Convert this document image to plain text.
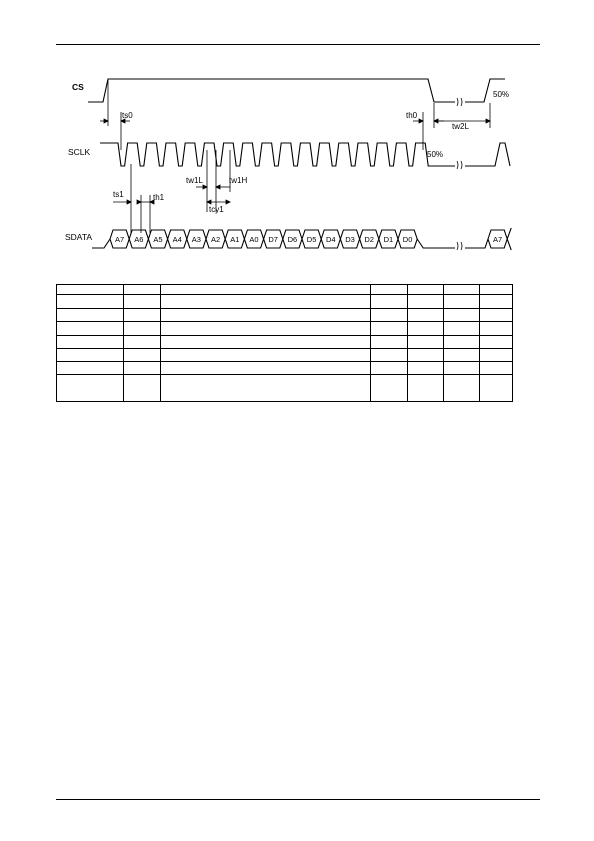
CS
SCLK
SDATA
50%
ts0	th0
tw2L
50%
tw1L	tw1H
tcy1
ts1	th1
A7 A6 A5 A4 A3 A2 A1 A0 D7 D6 D5 D4 D3 D2 D1 D0	A7
